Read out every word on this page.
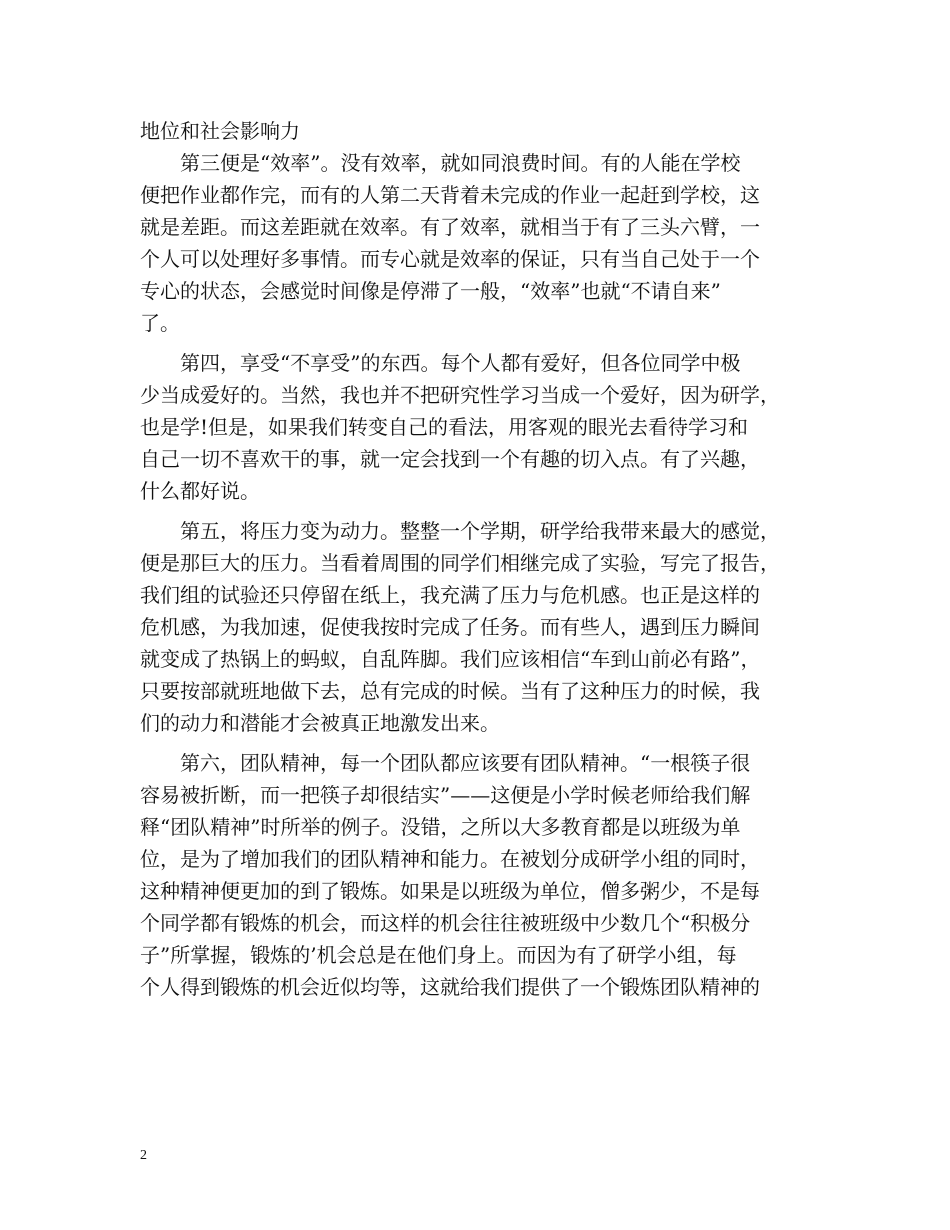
地位和社会影响力
第三便是“效率”。没有效率，就如同浪费时间。有的人能在学校
便把作业都作完，而有的人第二天背着未完成的作业一起赶到学校，这
就是差距。而这差距就在效率。有了效率，就相当于有了三头六臂，一
个人可以处理好多事情。而专心就是效率的保证，只有当自己处于一个
专心的状态，会感觉时间像是停滞了一般，“效率”也就“不请自来”
了。
第四，享受“不享受”的东西。每个人都有爱好，但各位同学中极
少当成爱好的。当然，我也并不把研究性学习当成一个爱好，因为研学，
也是学!但是，如果我们转变自己的看法，用客观的眼光去看待学习和
自己一切不喜欢干的事，就一定会找到一个有趣的切入点。有了兴趣，
什么都好说。
第五，将压力变为动力。整整一个学期，研学给我带来最大的感觉，
便是那巨大的压力。当看着周围的同学们相继完成了实验，写完了报告，
我们组的试验还只停留在纸上，我充满了压力与危机感。也正是这样的
危机感，为我加速，促使我按时完成了任务。而有些人，遇到压力瞬间
就变成了热锅上的蚂蚁，自乱阵脚。我们应该相信“车到山前必有路”，
只要按部就班地做下去，总有完成的时候。当有了这种压力的时候，我
们的动力和潜能才会被真正地激发出来。
第六，团队精神，每一个团队都应该要有团队精神。“一根筷子很
容易被折断，而一把筷子却很结实”——这便是小学时候老师给我们解
释“团队精神”时所举的例子。没错，之所以大多教育都是以班级为单
位，是为了增加我们的团队精神和能力。在被划分成研学小组的同时，
这种精神便更加的到了锻炼。如果是以班级为单位，僧多粥少，不是每
个同学都有锻炼的机会，而这样的机会往往被班级中少数几个“积极分
子”所掌握，锻炼的’机会总是在他们身上。而因为有了研学小组，每
个人得到锻炼的机会近似均等，这就给我们提供了一个锻炼团队精神的
2
